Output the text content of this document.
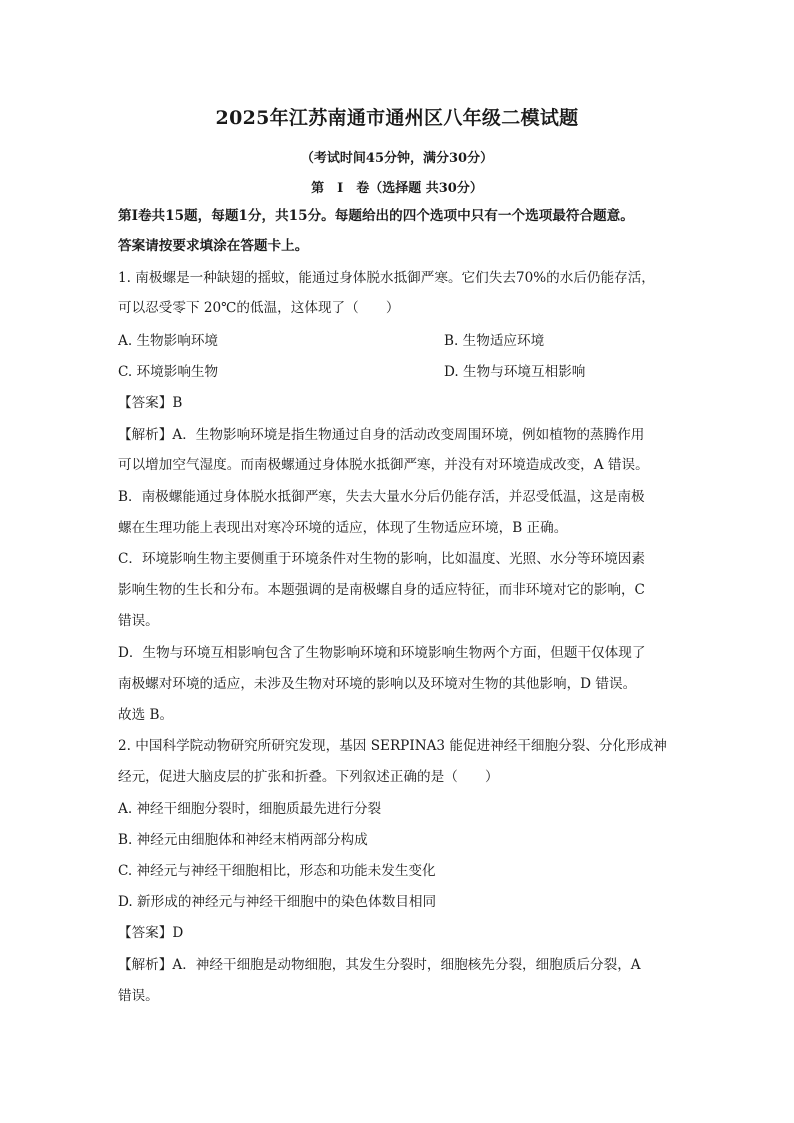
2025年江苏南通市通州区八年级二模试题
（考试时间45分钟，满分30分）
第　Ⅰ　卷（选择题 共30分）
第Ⅰ卷共15题，每题1分，共15分。每题给出的四个选项中只有一个选项最符合题意。
答案请按要求填涂在答题卡上。
1. 南极螺是一种缺翅的摇蚊，能通过身体脱水抵御严寒。它们失去70%的水后仍能存活，
可以忍受零下 20℃的低温，这体现了（　　）
A. 生物影响环境	B. 生物适应环境
C. 环境影响生物	D. 生物与环境互相影响
【答案】B
【解析】A．生物影响环境是指生物通过自身的活动改变周围环境，例如植物的蒸腾作用
可以增加空气湿度。而南极螺通过身体脱水抵御严寒，并没有对环境造成改变，A 错误。
B．南极螺能通过身体脱水抵御严寒，失去大量水分后仍能存活，并忍受低温，这是南极
螺在生理功能上表现出对寒冷环境的适应，体现了生物适应环境，B 正确。
C．环境影响生物主要侧重于环境条件对生物的影响，比如温度、光照、水分等环境因素
影响生物的生长和分布。本题强调的是南极螺自身的适应特征，而非环境对它的影响，C
错误。
D．生物与环境互相影响包含了生物影响环境和环境影响生物两个方面，但题干仅体现了
南极螺对环境的适应，未涉及生物对环境的影响以及环境对生物的其他影响，D 错误。
故选 B。
2. 中国科学院动物研究所研究发现，基因 SERPINA3 能促进神经干细胞分裂、分化形成神
经元，促进大脑皮层的扩张和折叠。下列叙述正确的是（　　）
A. 神经干细胞分裂时，细胞质最先进行分裂
B. 神经元由细胞体和神经末梢两部分构成
C. 神经元与神经干细胞相比，形态和功能未发生变化
D. 新形成的神经元与神经干细胞中的染色体数目相同
【答案】D
【解析】A．神经干细胞是动物细胞，其发生分裂时，细胞核先分裂，细胞质后分裂，A
错误。
